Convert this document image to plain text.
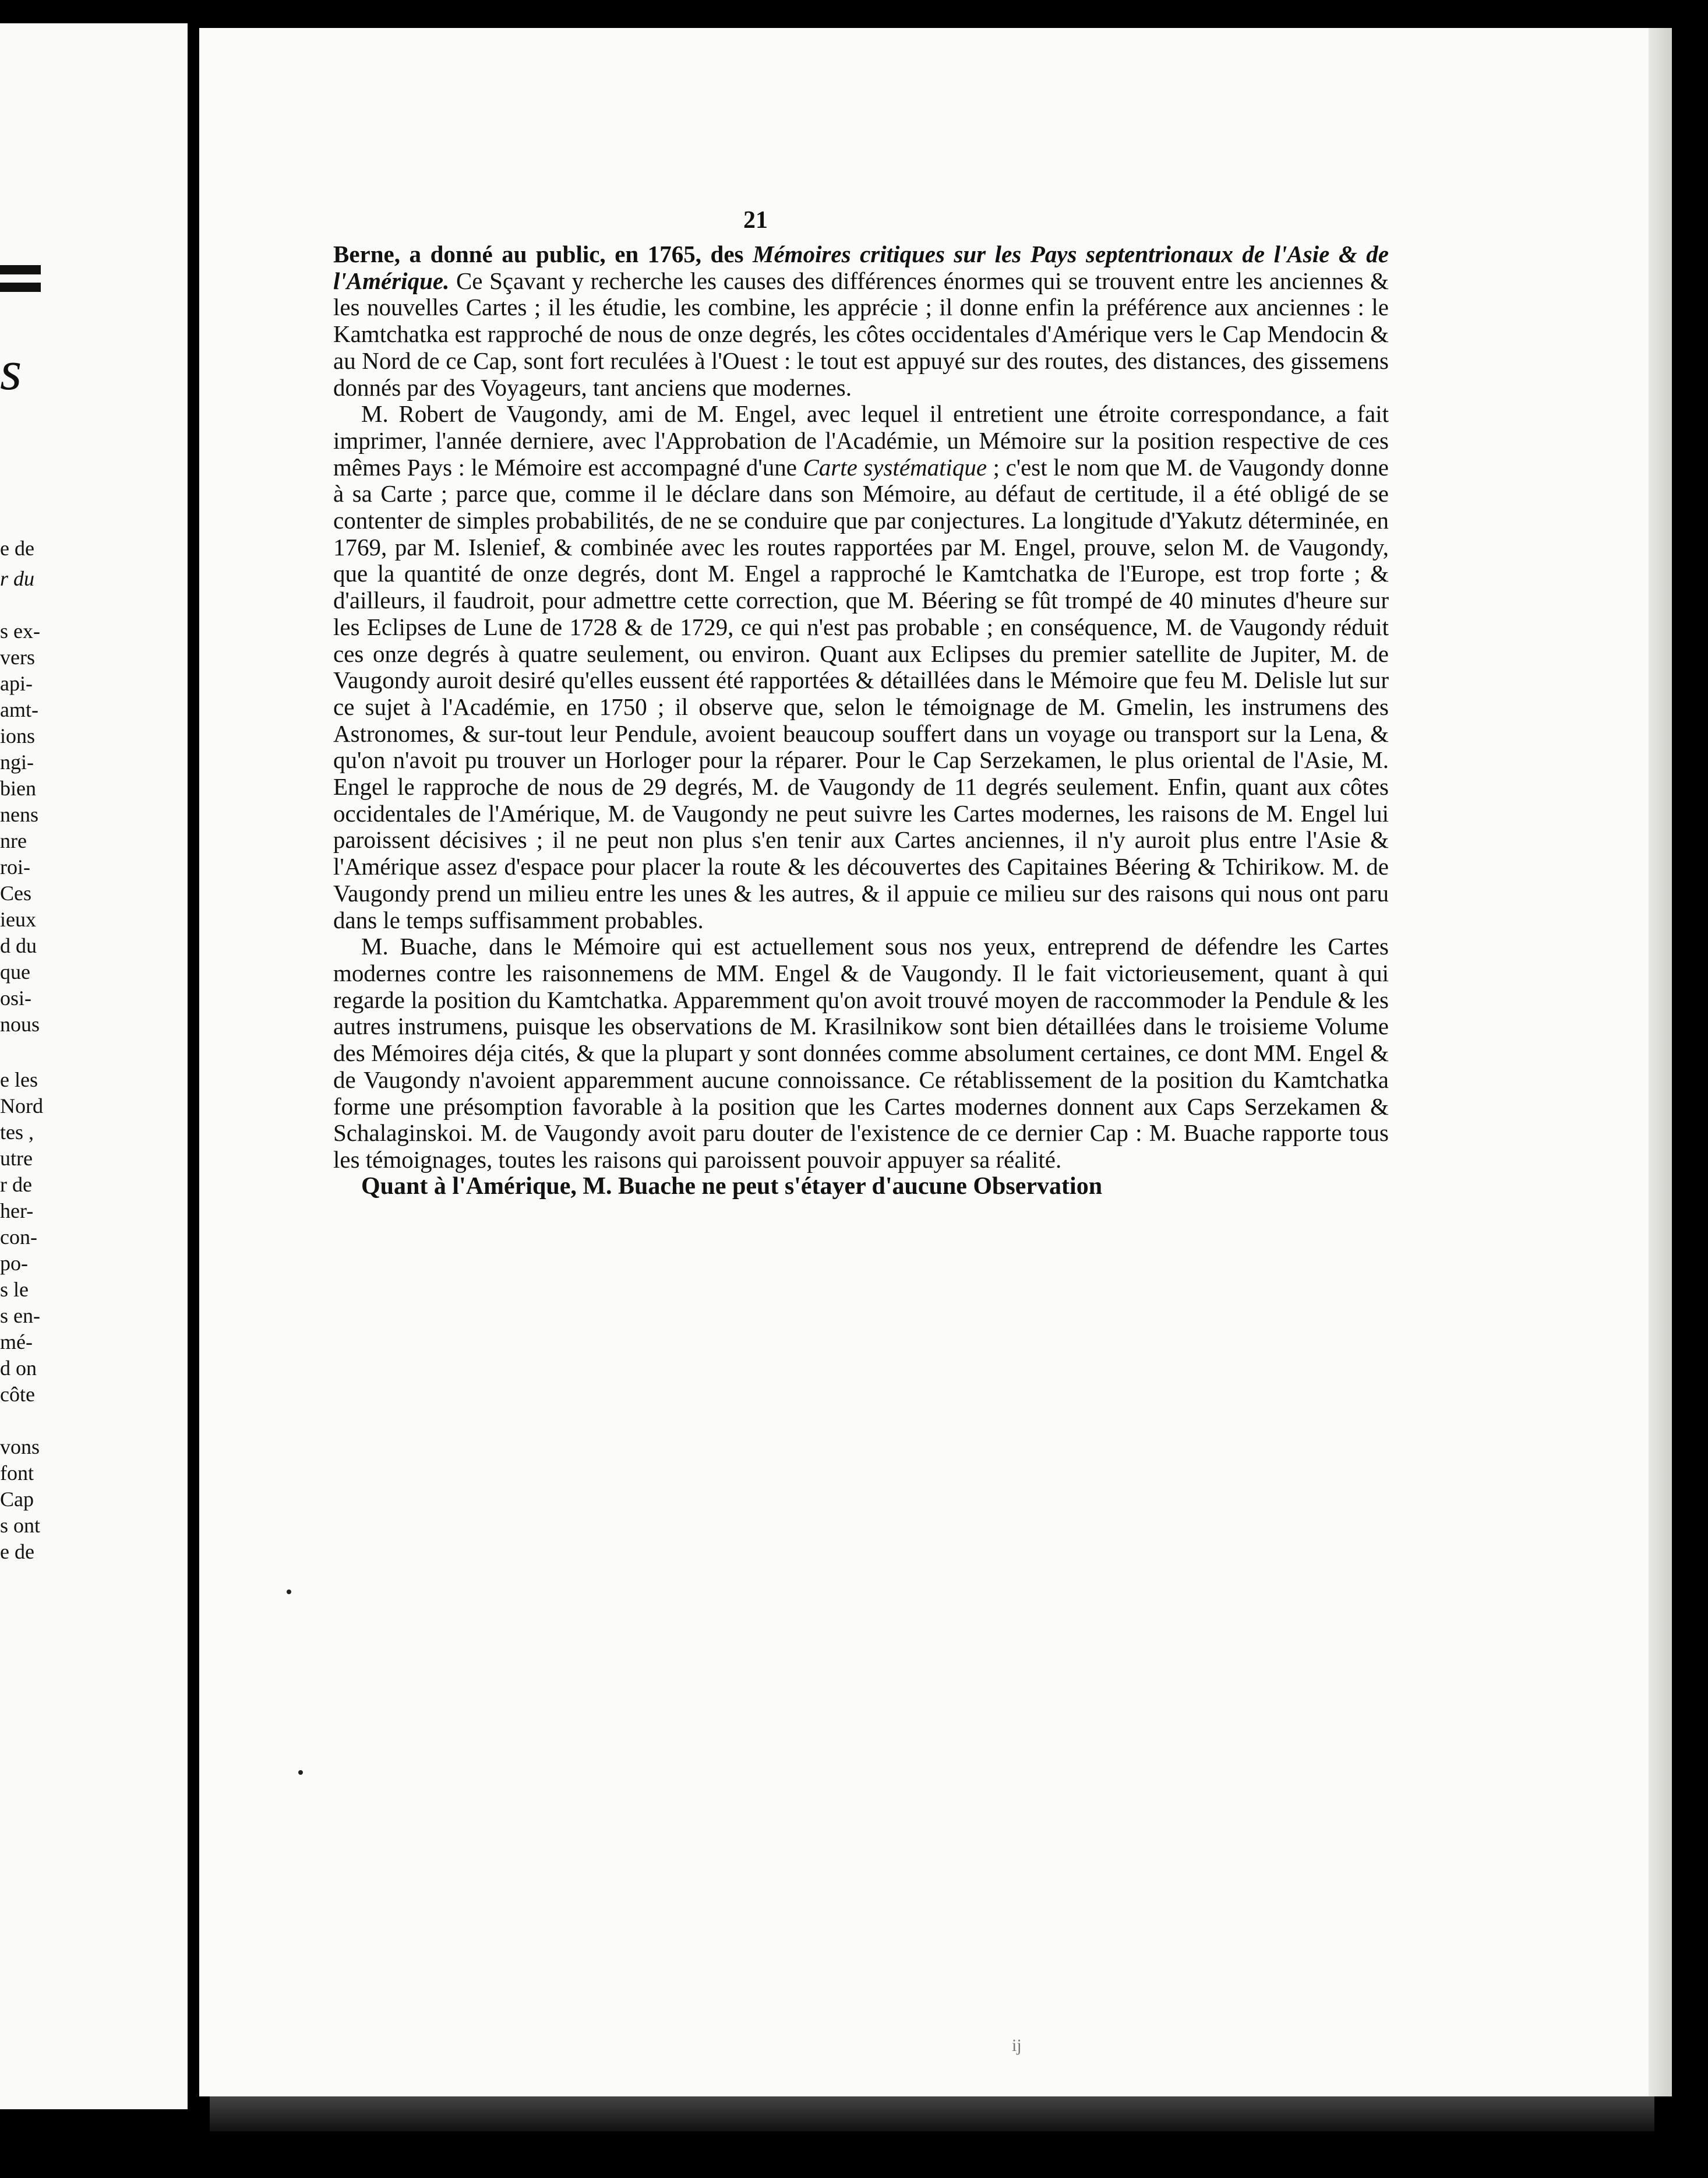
s
e de
r du
s ex-
vers
api-
amt-
ions
ngi-
bien
nens
nre
roi-
Ces
ieux
d du
que
osi-
nous
e les
Nord
tes ,
utre
r de
her-
con-
po-
s le
s en-
mé-
d on
côte
vons
font
Cap
s ont
e de
21

Berne, a donné au public, en 1765, des Mémoires critiques sur les Pays septentrionaux de l'Asie & de l'Amérique. Ce Sçavant y recherche les causes des différences énormes qui se trouvent entre les anciennes & les nouvelles Cartes ; il les étudie, les combine, les apprécie ; il donne enfin la préférence aux anciennes : le Kamtchatka est rapproché de nous de onze degrés, les côtes occidentales d'Amérique vers le Cap Mendocin & au Nord de ce Cap, sont fort reculées à l'Ouest : le tout est appuyé sur des routes, des distances, des gissemens donnés par des Voyageurs, tant anciens que modernes.

M. Robert de Vaugondy, ami de M. Engel, avec lequel il entretient une étroite correspondance, a fait imprimer, l'année derniere, avec l'Approbation de l'Académie, un Mémoire sur la position respective de ces mêmes Pays : le Mémoire est accompagné d'une Carte systématique ; c'est le nom que M. de Vaugondy donne à sa Carte ; parce que, comme il le déclare dans son Mémoire, au défaut de certitude, il a été obligé de se contenter de simples probabilités, de ne se conduire que par conjectures. La longitude d'Yakutz déterminée, en 1769, par M. Islenief, & combinée avec les routes rapportées par M. Engel, prouve, selon M. de Vaugondy, que la quantité de onze degrés, dont M. Engel a rapproché le Kamtchatka de l'Europe, est trop forte ; & d'ailleurs, il faudroit, pour admettre cette correction, que M. Béering se fût trompé de 40 minutes d'heure sur les Eclipses de Lune de 1728 & de 1729, ce qui n'est pas probable ; en conséquence, M. de Vaugondy réduit ces onze degrés à quatre seulement, ou environ. Quant aux Eclipses du premier satellite de Jupiter, M. de Vaugondy auroit desiré qu'elles eussent été rapportées & détaillées dans le Mémoire que feu M. Delisle lut sur ce sujet à l'Académie, en 1750 ; il observe que, selon le témoignage de M. Gmelin, les instrumens des Astronomes, & sur-tout leur Pendule, avoient beaucoup souffert dans un voyage ou transport sur la Lena, & qu'on n'avoit pu trouver un Horloger pour la réparer. Pour le Cap Serzekamen, le plus oriental de l'Asie, M. Engel le rapproche de nous de 29 degrés, M. de Vaugondy de 11 degrés seulement. Enfin, quant aux côtes occidentales de l'Amérique, M. de Vaugondy ne peut suivre les Cartes modernes, les raisons de M. Engel lui paroissent décisives ; il ne peut non plus s'en tenir aux Cartes anciennes, il n'y auroit plus entre l'Asie & l'Amérique assez d'espace pour placer la route & les découvertes des Capitaines Béering & Tchirikow. M. de Vaugondy prend un milieu entre les unes & les autres, & il appuie ce milieu sur des raisons qui nous ont paru dans le temps suffisamment probables.

M. Buache, dans le Mémoire qui est actuellement sous nos yeux, entreprend de défendre les Cartes modernes contre les raisonnemens de MM. Engel & de Vaugondy. Il le fait victorieusement, quant à qui regarde la position du Kamtchatka. Apparemment qu'on avoit trouvé moyen de raccommoder la Pendule & les autres instrumens, puisque les observations de M. Krasilnikow sont bien détaillées dans le troisieme Volume des Mémoires déja cités, & que la plupart y sont données comme absolument certaines, ce dont MM. Engel & de Vaugondy n'avoient apparemment aucune connoissance. Ce rétablissement de la position du Kamtchatka forme une présomption favorable à la position que les Cartes modernes donnent aux Caps Serzekamen & Schalaginskoi. M. de Vaugondy avoit paru douter de l'existence de ce dernier Cap : M. Buache rapporte tous les témoignages, toutes les raisons qui paroissent pouvoir appuyer sa réalité.

Quant à l'Amérique, M. Buache ne peut s'étayer d'aucune Observation

ij
